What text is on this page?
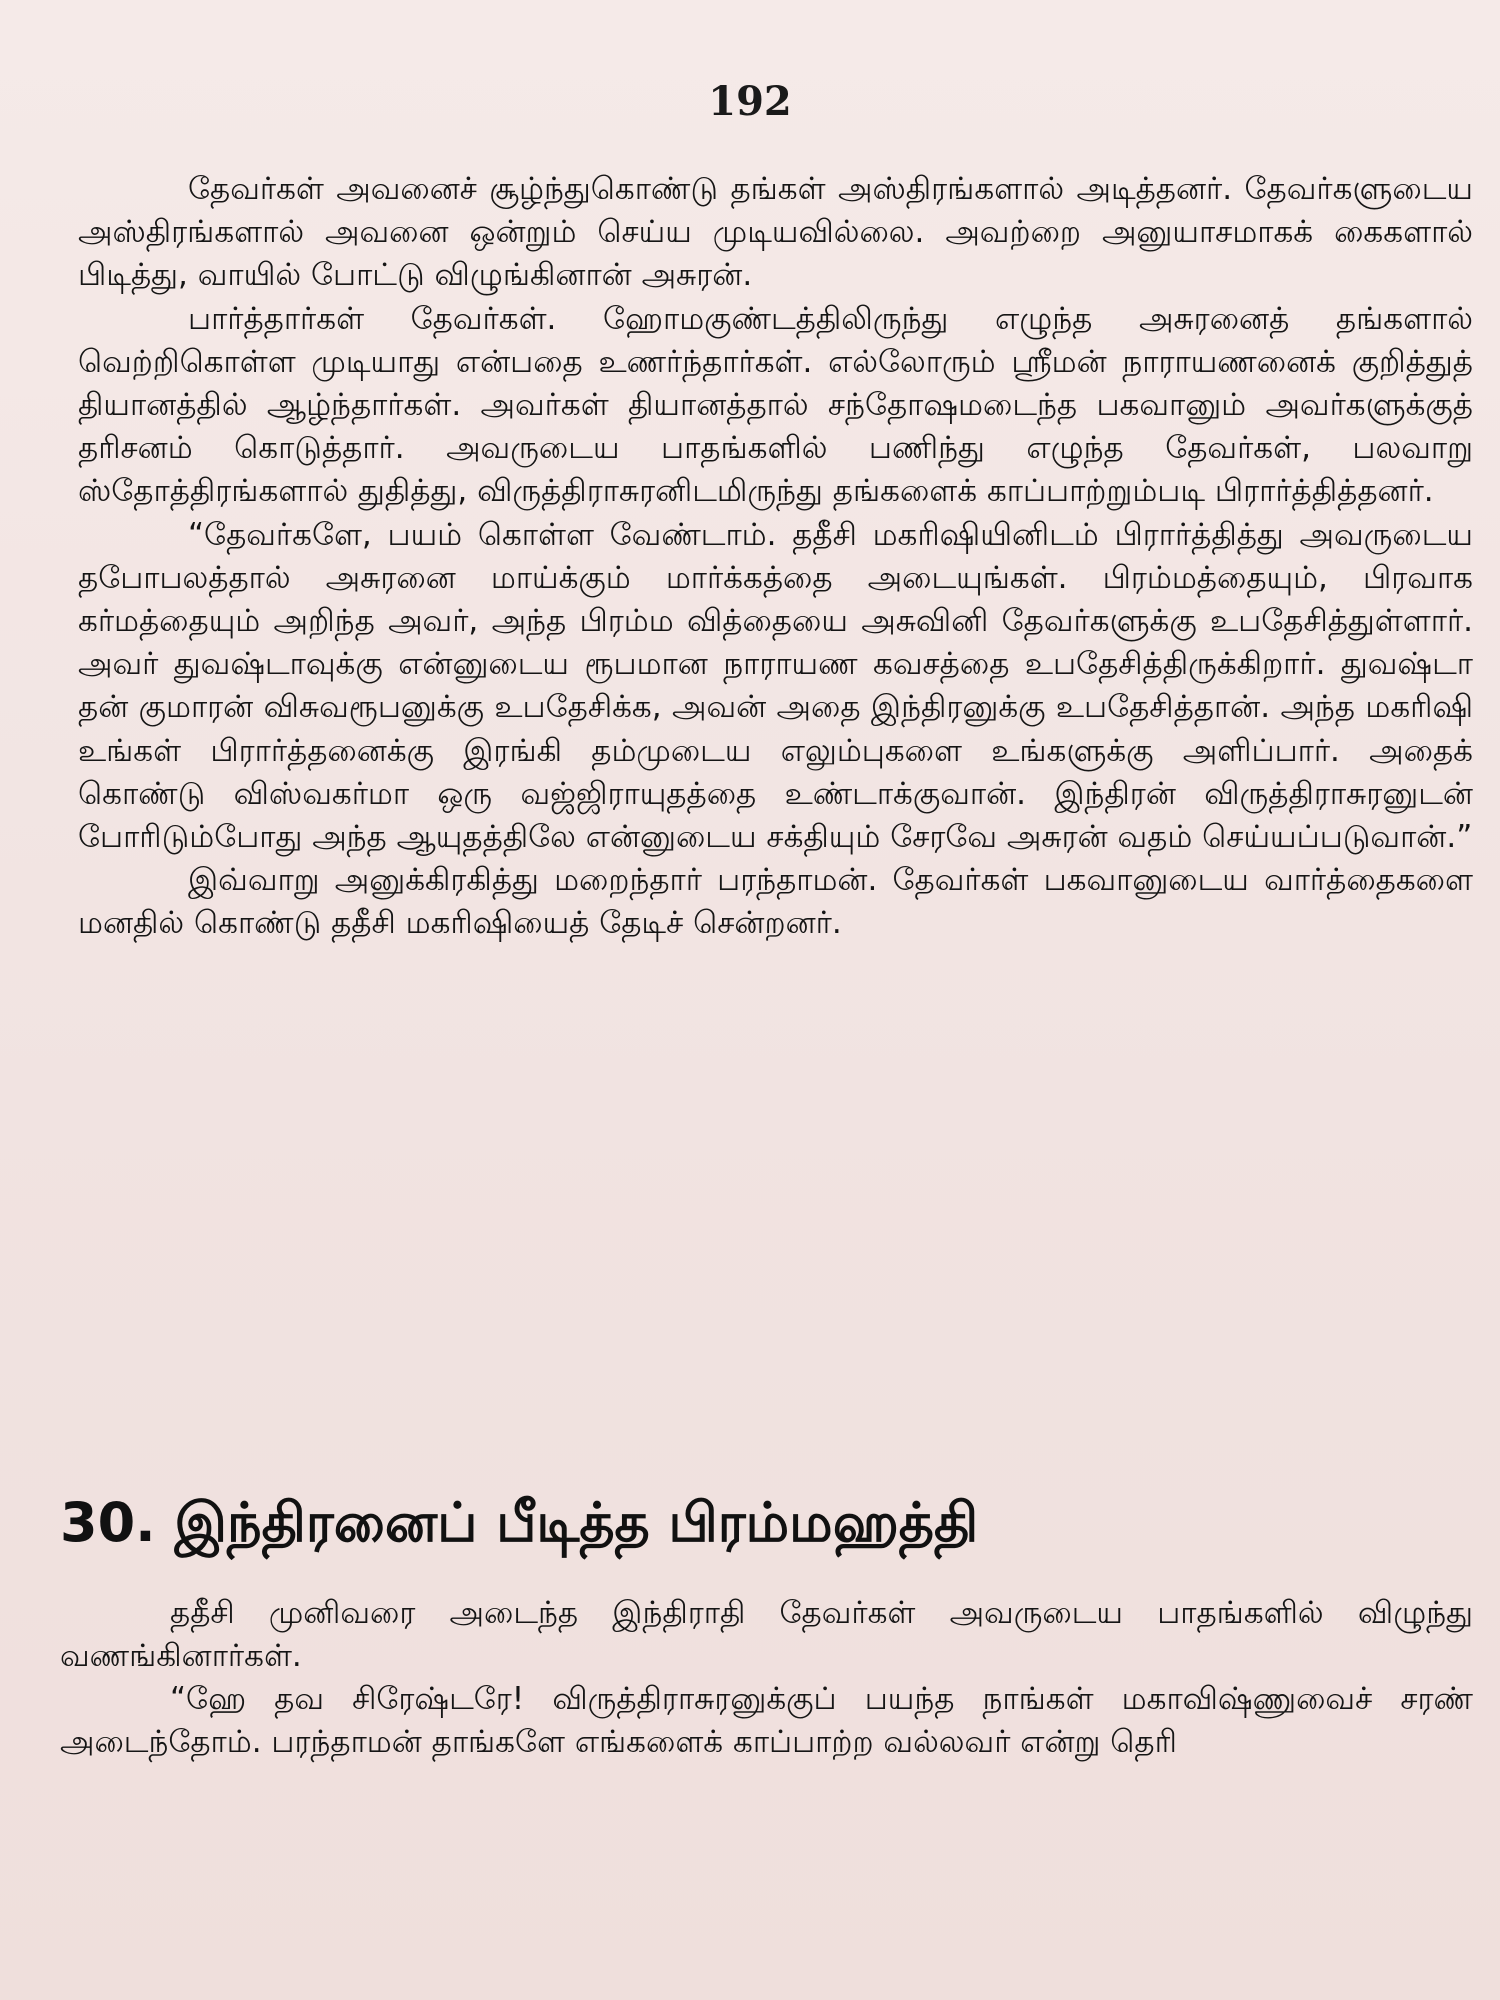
192

தேவர்கள் அவனைச் சூழ்ந்துகொண்டு தங்கள் அஸ்திரங்களால் அடித்தனர். தேவர்களுடைய அஸ்திரங்களால் அவனை ஒன்றும் செய்ய முடியவில்லை. அவற்றை அனுயாசமாகக் கைகளால் பிடித்து, வாயில் போட்டு விழுங்கினான் அசுரன்.

பார்த்தார்கள் தேவர்கள். ஹோமகுண்டத்திலிருந்து எழுந்த அசுரனைத் தங்களால் வெற்றிகொள்ள முடியாது என்பதை உணர்ந்தார்கள். எல்லோரும் ஸ்ரீமன் நாராயணனைக் குறித்துத் தியானத்தில் ஆழ்ந்தார்கள். அவர்கள் தியானத்தால் சந்தோஷமடைந்த பகவானும் அவர்களுக்குத் தரிசனம் கொடுத்தார். அவருடைய பாதங்களில் பணிந்து எழுந்த தேவர்கள், பலவாறு ஸ்தோத்திரங்களால் துதித்து, விருத்திராசுரனிடமிருந்து தங்களைக் காப்பாற்றும்படி பிரார்த்தித்தனர்.

“தேவர்களே, பயம் கொள்ள வேண்டாம். ததீசி மகரிஷியினிடம் பிரார்த்தித்து அவருடைய தபோபலத்தால் அசுரனை மாய்க்கும் மார்க்கத்தை அடையுங்கள். பிரம்மத்தையும், பிரவாக கர்மத்தையும் அறிந்த அவர், அந்த பிரம்ம வித்தையை அசுவினி தேவர்களுக்கு உபதேசித்துள்ளார். அவர் துவஷ்டாவுக்கு என்னுடைய ரூபமான நாராயண கவசத்தை உபதேசித்திருக்கிறார். துவஷ்டா தன் குமாரன் விசுவரூபனுக்கு உபதேசிக்க, அவன் அதை இந்திரனுக்கு உபதேசித்தான். அந்த மகரிஷி உங்கள் பிரார்த்தனைக்கு இரங்கி தம்முடைய எலும்புகளை உங்களுக்கு அளிப்பார். அதைக் கொண்டு விஸ்வகர்மா ஒரு வஜ்ஜிராயுதத்தை உண்டாக்குவான். இந்திரன் விருத்திராசுரனுடன் போரிடும்போது அந்த ஆயுதத்திலே என்னுடைய சக்தியும் சேரவே அசுரன் வதம் செய்யப்படுவான்.”

இவ்வாறு அனுக்கிரகித்து மறைந்தார் பரந்தாமன். தேவர்கள் பகவானுடைய வார்த்தைகளை மனதில் கொண்டு ததீசி மகரிஷியைத் தேடிச் சென்றனர்.

30. இந்திரனைப் பீடித்த பிரம்மஹத்தி

ததீசி முனிவரை அடைந்த இந்திராதி தேவர்கள் அவருடைய பாதங்களில் விழுந்து வணங்கினார்கள்.

“ஹே தவ சிரேஷ்டரே! விருத்திராசுரனுக்குப் பயந்த நாங்கள் மகாவிஷ்ணுவைச் சரண் அடைந்தோம். பரந்தாமன் தாங்களே எங்களைக் காப்பாற்ற வல்லவர் என்று தெரி
